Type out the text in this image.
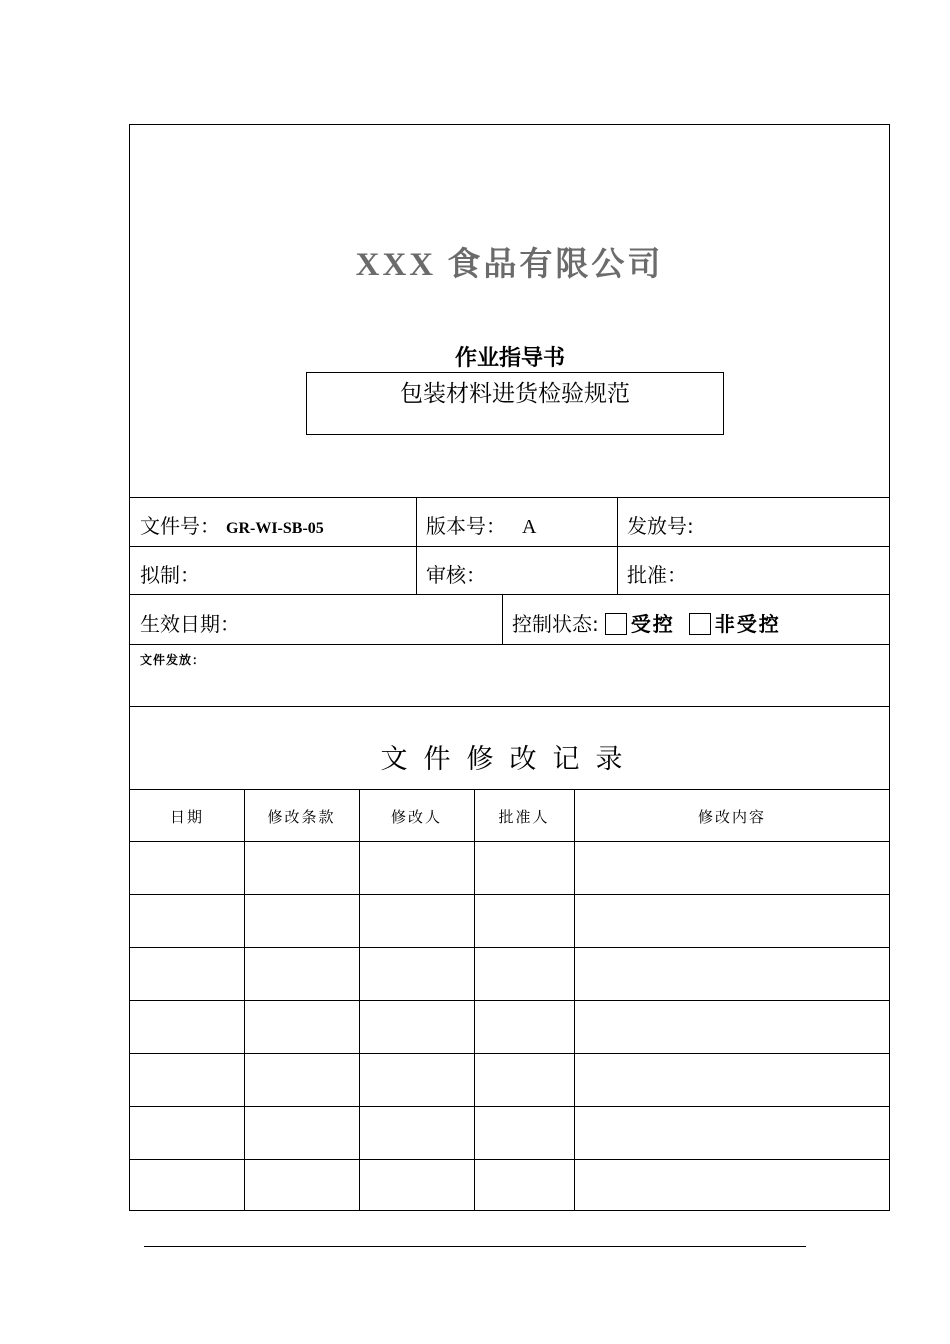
XXX 食品有限公司
作业指导书
包装材料进货检验规范
文件号： GR-WI-SB-05	版本号： A	发放号:
拟制：	审核：	批准：
生效日期：	控制状态: 受控 非受控
文件发放：
文件修改记录
日期	修改条款	修改人	批准人	修改内容
